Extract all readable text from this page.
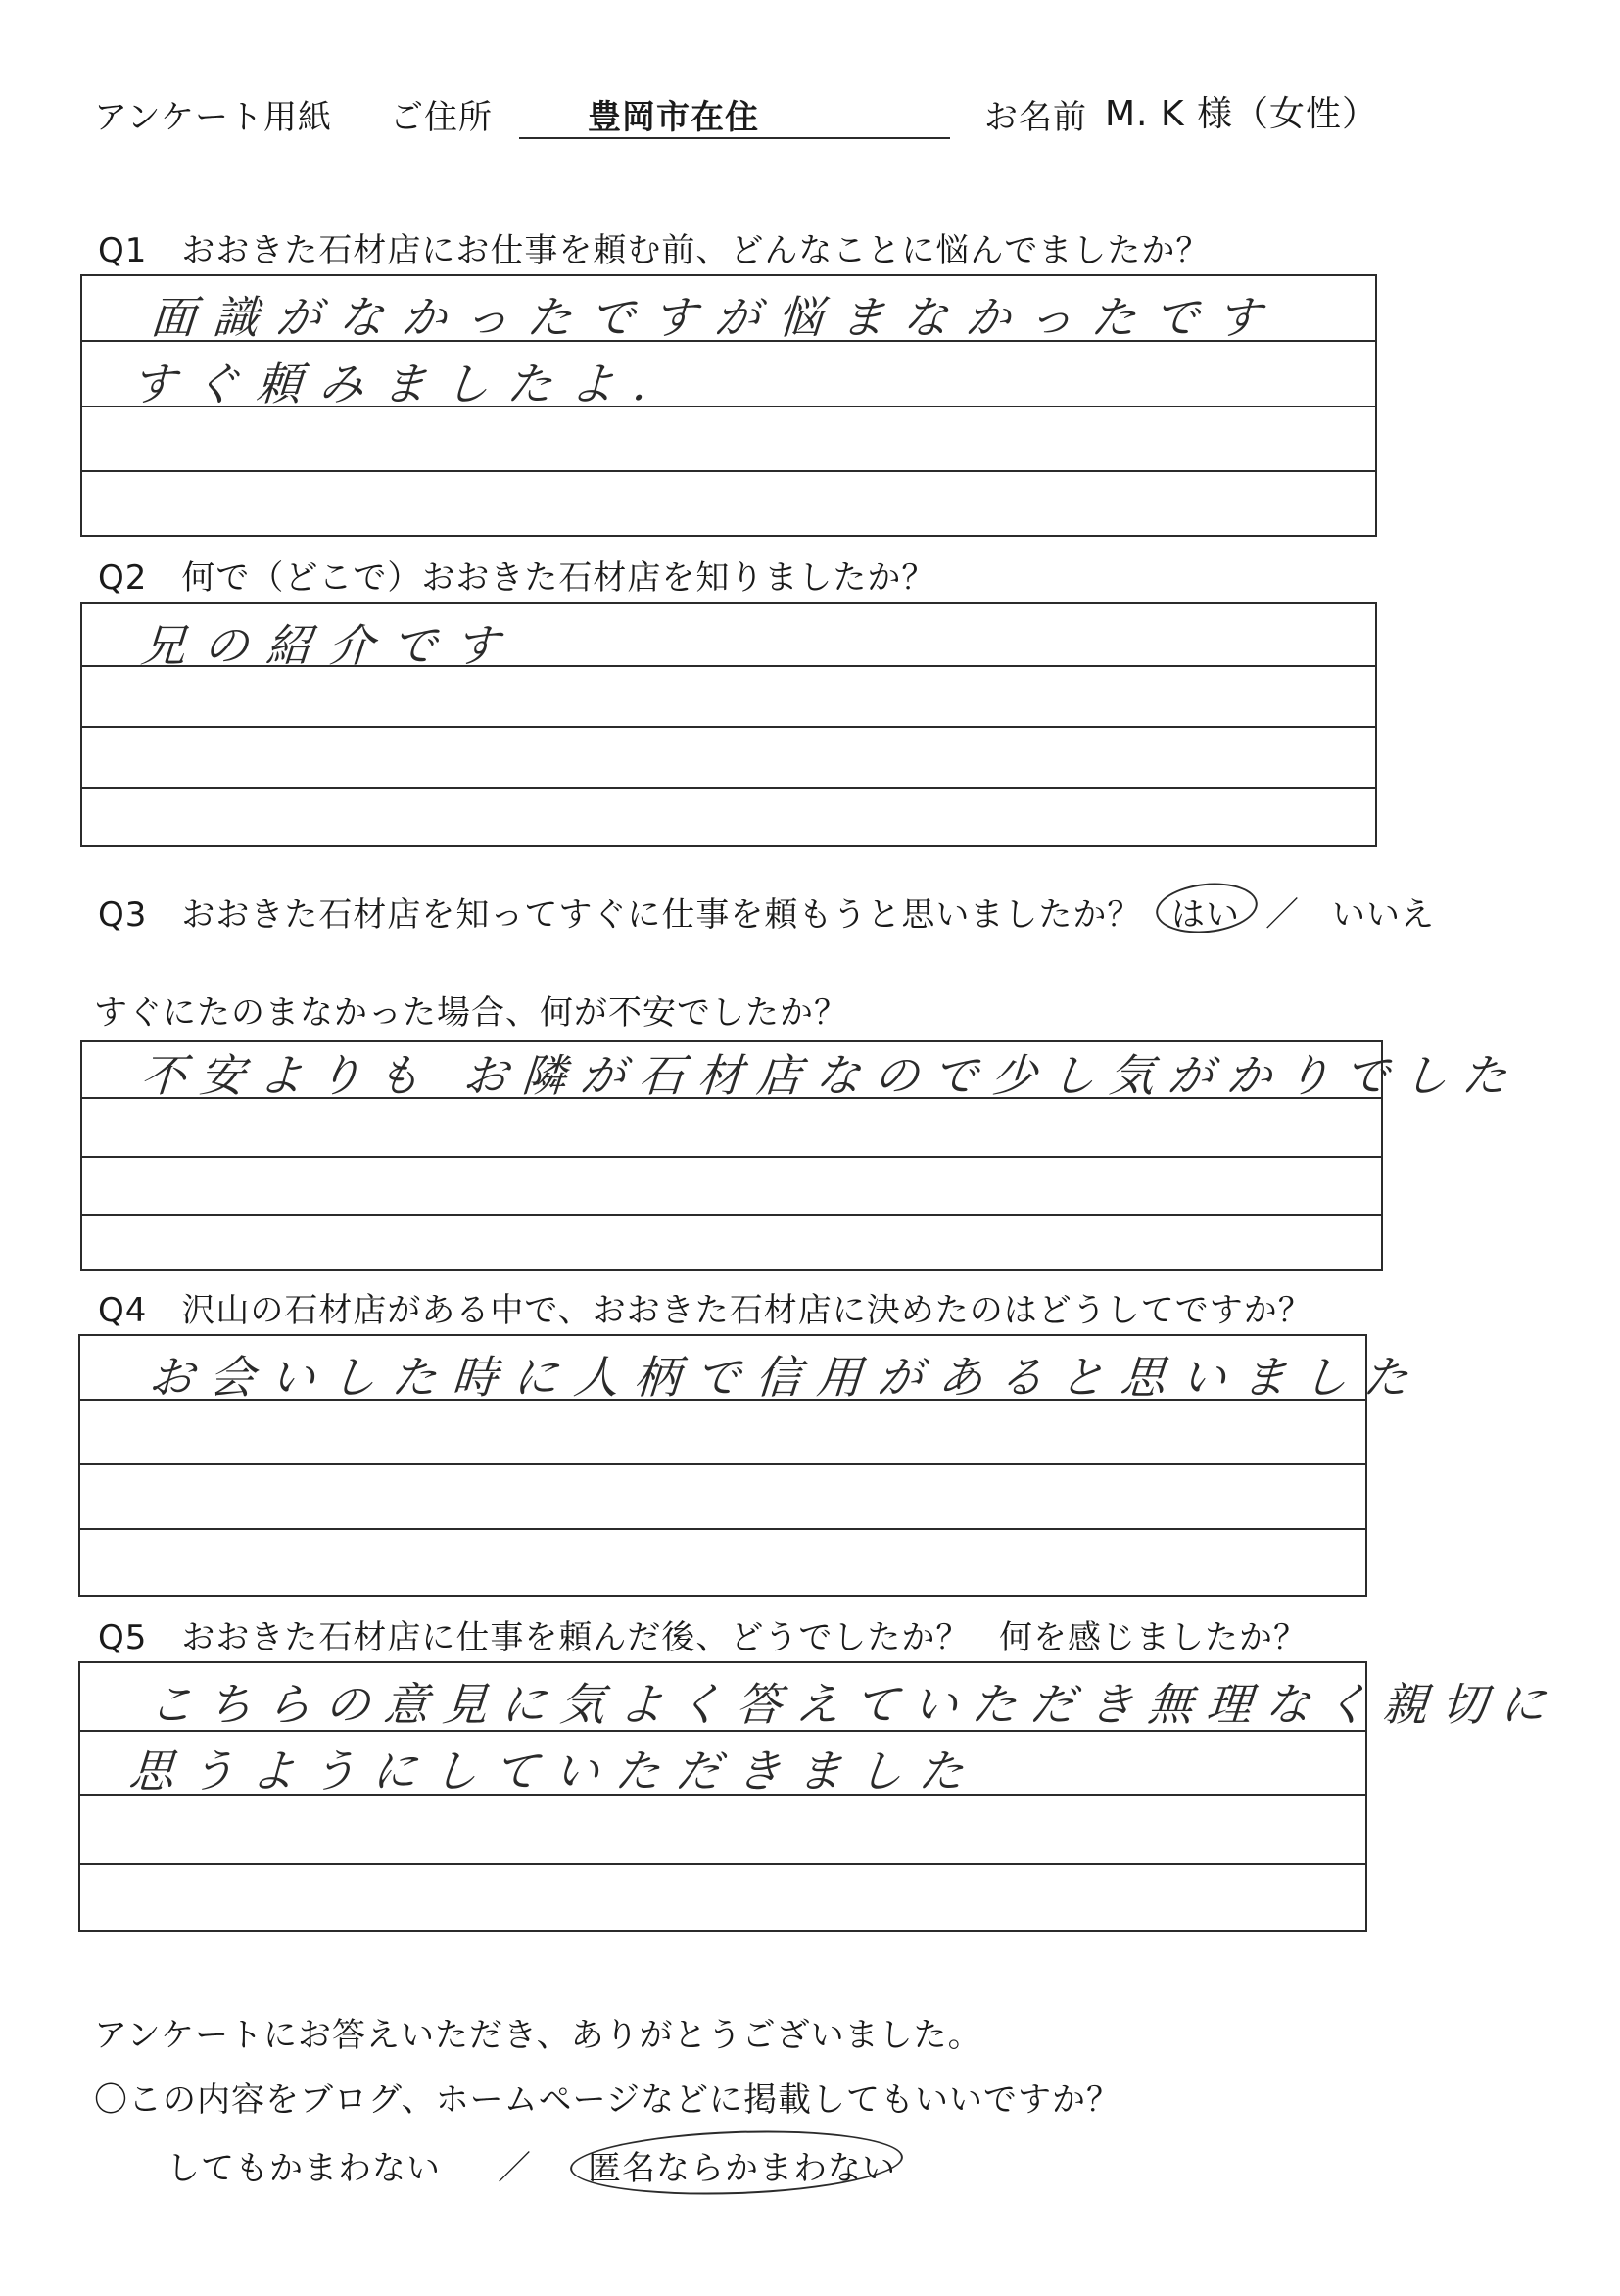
アンケート用紙 ご住所	豊岡市在住	お名前 M. K 様（女性）
Q1　おおきた石材店にお仕事を頼む前、どんなことに悩んでましたか？
面識がなかったですが悩まなかったです
すぐ頼みましたよ.
Q2　何で（どこで）おおきた石材店を知りましたか？
兄の紹介です
Q3　おおきた石材店を知ってすぐに仕事を頼もうと思いましたか？ はい ／ いいえ
すぐにたのまなかった場合、何が不安でしたか？
不安よりも お隣が石材店なので少し気がかりでした
Q4　沢山の石材店がある中で、おおきた石材店に決めたのはどうしてですか？
お会いした時に人柄で信用があると思いました
Q5　おおきた石材店に仕事を頼んだ後、どうでしたか？ 何を感じましたか？
こちらの意見に気よく答えていただき無理なく親切に
思うようにしていただきました
アンケートにお答えいただき、ありがとうございました。
〇この内容をブログ、ホームページなどに掲載してもいいですか？
してもかまわない ／ 匿名ならかまわない
